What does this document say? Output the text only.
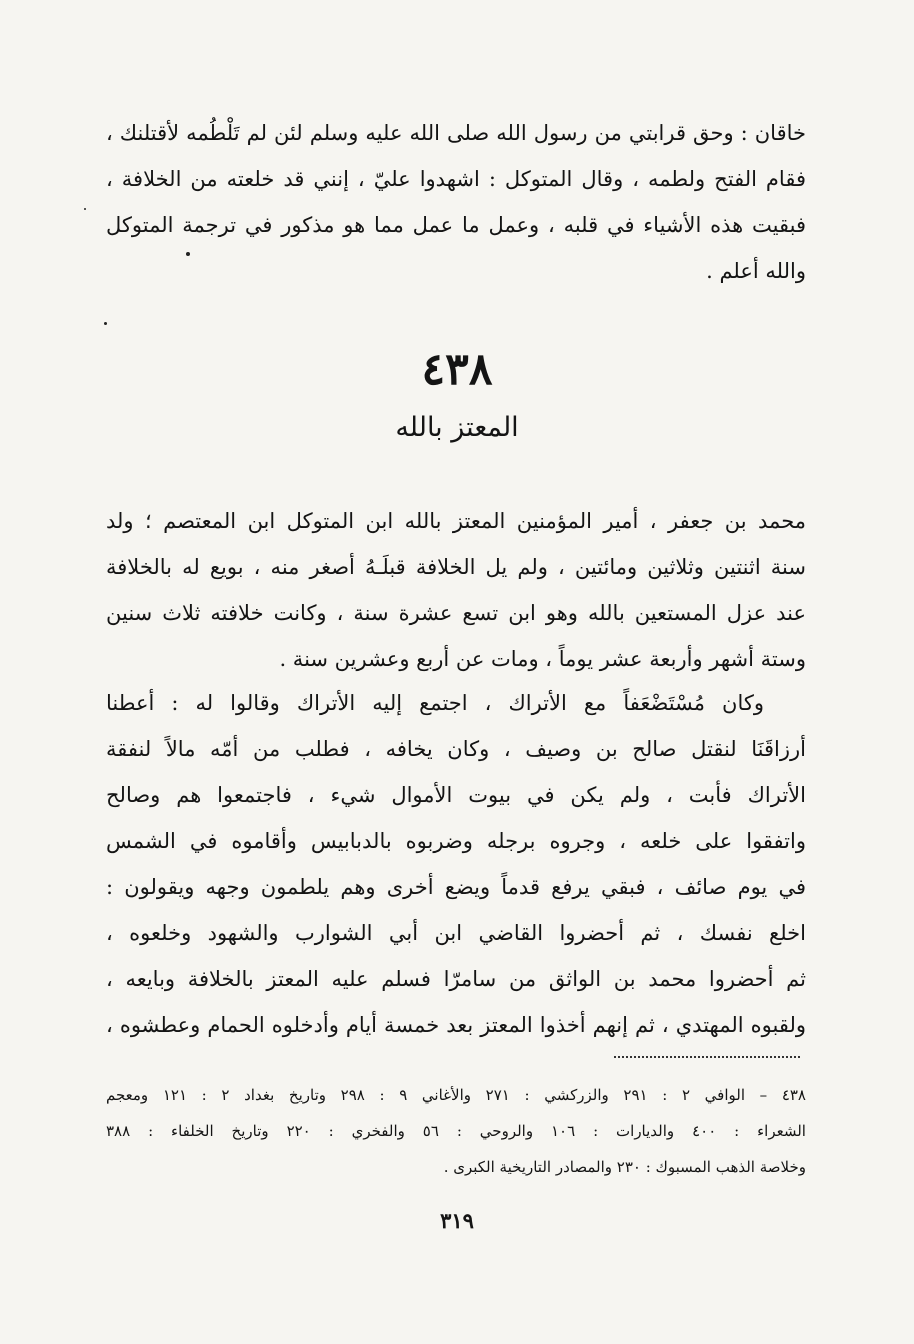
خاقان : وحق قرابتي من رسول الله صلى الله عليه وسلم لئن لم تَلْطُمه لأقتلنك ،
فقام الفتح ولطمه ، وقال المتوكل : اشهدوا عليّ ، إنني قد خلعته من الخلافة ،
فبقيت هذه الأشياء في قلبه ، وعمل ما عمل مما هو مذكور في ترجمة المتوكل
والله أعلم .
٤٣٨
المعتز بالله
محمد بن جعفر ، أمير المؤمنين المعتز بالله ابن المتوكل ابن المعتصم ؛ ولد
سنة اثنتين وثلاثين ومائتين ، ولم يل الخلافة قبلَـهُ أصغر منه ، بويع له بالخلافة
عند عزل المستعين بالله وهو ابن تسع عشرة سنة ، وكانت خلافته ثلاث سنين
وستة أشهر وأربعة عشر يوماً ، ومات عن أربع وعشرين سنة .
وكان مُسْتَضْعَفاً مع الأتراك ، اجتمع إليه الأتراك وقالوا له : أعطنا
أرزاقَنَا لنقتل صالح بن وصيف ، وكان يخافه ، فطلب من أمّه مالاً لنفقة
الأتراك فأبت ، ولم يكن في بيوت الأموال شيء ، فاجتمعوا هم وصالح
واتفقوا على خلعه ، وجروه برجله وضربوه بالدبابيس وأقاموه في الشمس
في يوم صائف ، فبقي يرفع قدماً ويضع أخرى وهم يلطمون وجهه ويقولون :
اخلع نفسك ، ثم أحضروا القاضي ابن أبي الشوارب والشهود وخلعوه ،
ثم أحضروا محمد بن الواثق من سامرّا فسلم عليه المعتز بالخلافة وبايعه ،
ولقبوه المهتدي ، ثم إنهم أخذوا المعتز بعد خمسة أيام وأدخلوه الحمام وعطشوه ،
٤٣٨ – الوافي ٢ : ٢٩١ والزركشي : ٢٧١ والأغاني ٩ : ٢٩٨ وتاريخ بغداد ٢ : ١٢١ ومعجم
الشعراء : ٤٠٠ والديارات : ١٠٦ والروحي : ٥٦ والفخري : ٢٢٠ وتاريخ الخلفاء : ٣٨٨
وخلاصة الذهب المسبوك : ٢٣٠ والمصادر التاريخية الكبرى .
٣١٩
